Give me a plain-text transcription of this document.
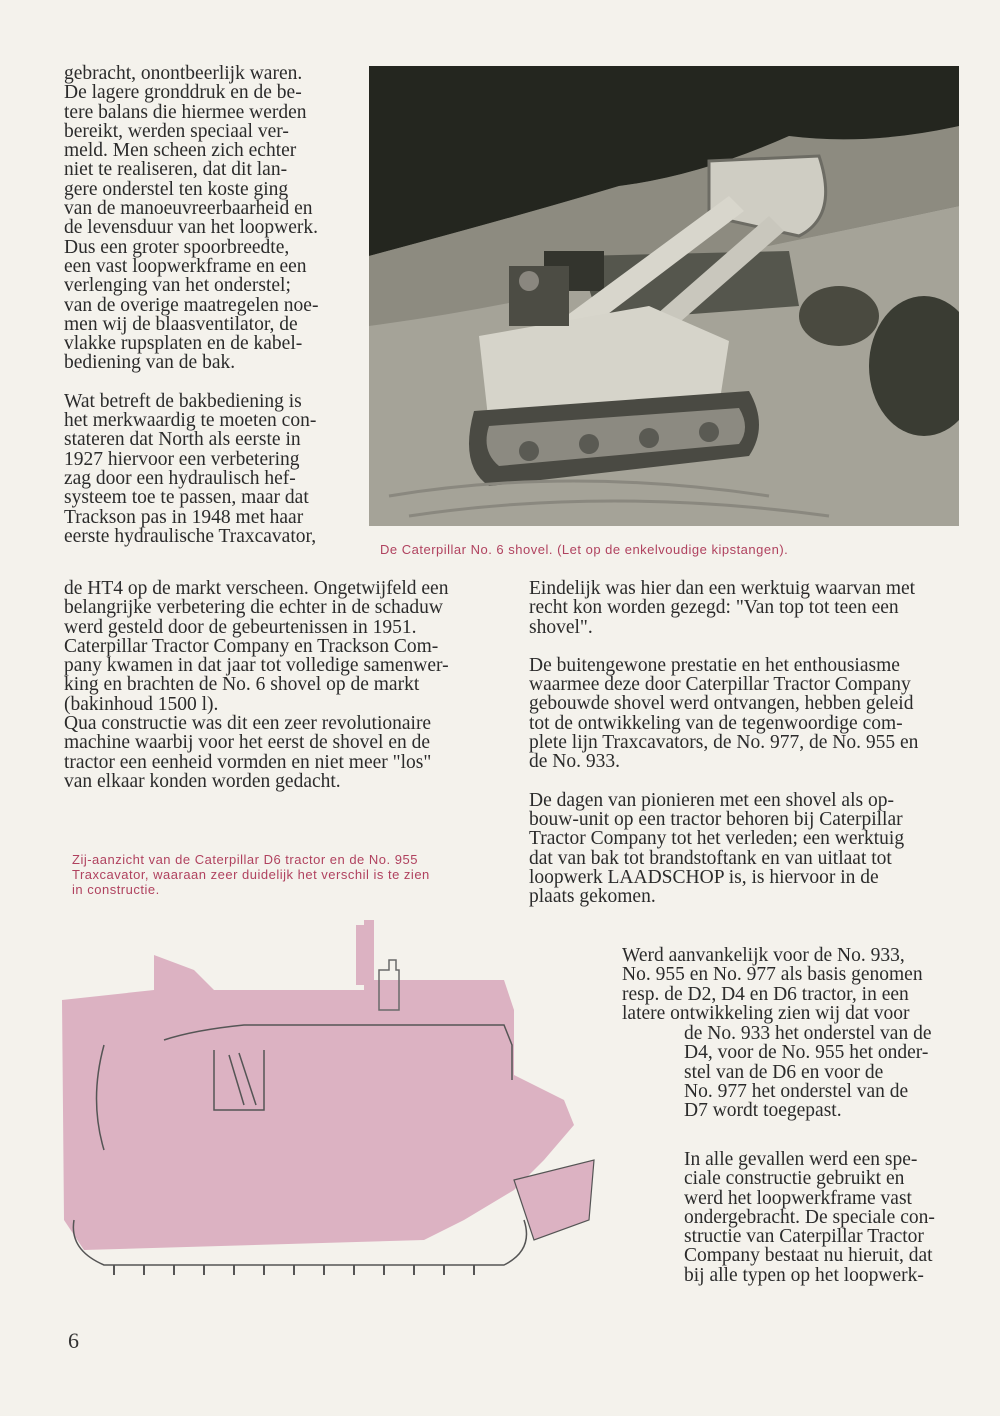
gebracht, onontbeerlijk waren.
De lagere gronddruk en de be-
tere balans die hiermee werden
bereikt, werden speciaal ver-
meld. Men scheen zich echter
niet te realiseren, dat dit lan-
gere onderstel ten koste ging
van de manoeuvreerbaarheid en
de levensduur van het loopwerk.
Dus een groter spoorbreedte,
een vast loopwerkframe en een
verlenging van het onderstel;
van de overige maatregelen noe-
men wij de blaasventilator, de
vlakke rupsplaten en de kabel-
bediening van de bak.

Wat betreft de bakbediening is
het merkwaardig te moeten con-
stateren dat North als eerste in
1927 hiervoor een verbetering
zag door een hydraulisch hef-
systeem toe te passen, maar dat
Trackson pas in 1948 met haar
eerste hydraulische Traxcavator,

De Caterpillar No. 6 shovel. (Let op de enkelvoudige kipstangen).

de HT4 op de markt verscheen. Ongetwijfeld een
belangrijke verbetering die echter in de schaduw
werd gesteld door de gebeurtenissen in 1951.
Caterpillar Tractor Company en Trackson Com-
pany kwamen in dat jaar tot volledige samenwer-
king en brachten de No. 6 shovel op de markt
(bakinhoud 1500 l).
Qua constructie was dit een zeer revolutionaire
machine waarbij voor het eerst de shovel en de
tractor een eenheid vormden en niet meer "los"
van elkaar konden worden gedacht.

Eindelijk was hier dan een werktuig waarvan met
recht kon worden gezegd: "Van top tot teen een
shovel".

De buitengewone prestatie en het enthousiasme
waarmee deze door Caterpillar Tractor Company
gebouwde shovel werd ontvangen, hebben geleid
tot de ontwikkeling van de tegenwoordige com-
plete lijn Traxcavators, de No. 977, de No. 955 en
de No. 933.

De dagen van pionieren met een shovel als op-
bouw-unit op een tractor behoren bij Caterpillar
Tractor Company tot het verleden; een werktuig
dat van bak tot brandstoftank en van uitlaat tot
loopwerk LAADSCHOP is, is hiervoor in de
plaats gekomen.

Zij-aanzicht van de Caterpillar D6 tractor en de No. 955
Traxcavator, waaraan zeer duidelijk het verschil is te zien
in constructie.

Werd aanvankelijk voor de No. 933,
No. 955 en No. 977 als basis genomen
resp. de D2, D4 en D6 tractor, in een
latere ontwikkeling zien wij dat voor

de No. 933 het onderstel van de
D4, voor de No. 955 het onder-
stel van de D6 en voor de
No. 977 het onderstel van de
D7 wordt toegepast.

In alle gevallen werd een spe-
ciale constructie gebruikt en
werd het loopwerkframe vast
ondergebracht. De speciale con-
structie van Caterpillar Tractor
Company bestaat nu hieruit, dat
bij alle typen op het loopwerk-

6
